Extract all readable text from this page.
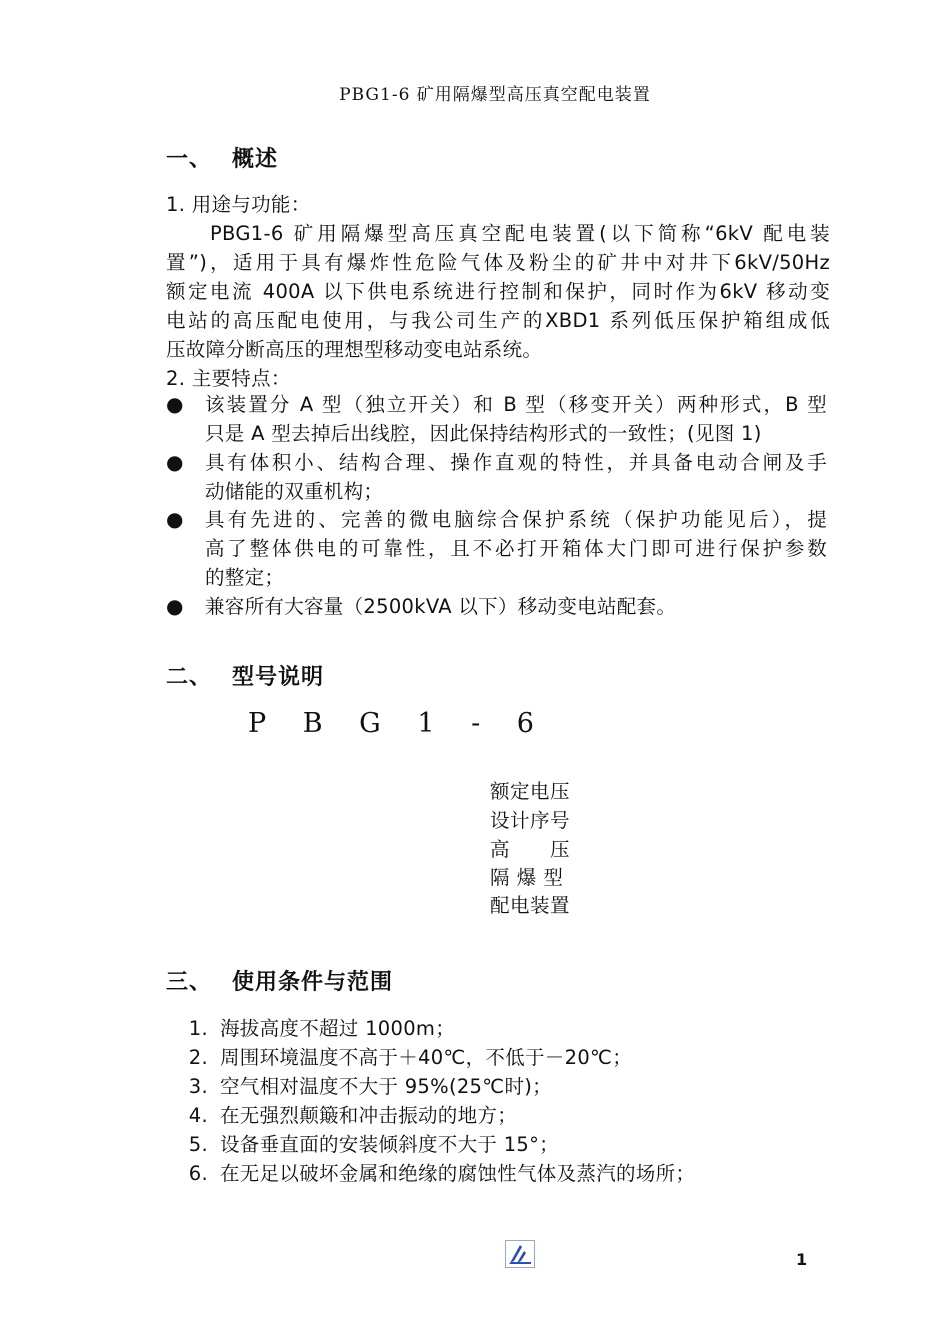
PBG1-6 矿用隔爆型高压真空配电装置
一、 概述
1. 用途与功能：
PBG1-6 矿用隔爆型高压真空配电装置(以下简称“6kV 配电装
置”)，适用于具有爆炸性危险气体及粉尘的矿井中对井下6kV/50Hz
额定电流 400A 以下供电系统进行控制和保护，同时作为6kV 移动变
电站的高压配电使用，与我公司生产的XBD1 系列低压保护箱组成低
压故障分断高压的理想型移动变电站系统。
2. 主要特点：
● 该装置分 A 型（独立开关）和 B 型（移变开关）两种形式，B 型
只是 A 型去掉后出线腔，因此保持结构形式的一致性；(见图 1)
● 具有体积小、结构合理、操作直观的特性，并具备电动合闸及手
动储能的双重机构；
● 具有先进的、完善的微电脑综合保护系统（保护功能见后），提
高了整体供电的可靠性，且不必打开箱体大门即可进行保护参数
的整定；
● 兼容所有大容量（2500kVA 以下）移动变电站配套。
二、 型号说明
P B G 1 - 6
额定电压
设计序号
高　　压
隔 爆 型
配电装置
三、 使用条件与范围
1. 海拔高度不超过 1000m；
2. 周围环境温度不高于＋40℃，不低于－20℃；
3. 空气相对温度不大于 95%(25℃时)；
4. 在无强烈颠簸和冲击振动的地方；
5. 设备垂直面的安装倾斜度不大于 15°；
6. 在无足以破坏金属和绝缘的腐蚀性气体及蒸汽的场所；
1
